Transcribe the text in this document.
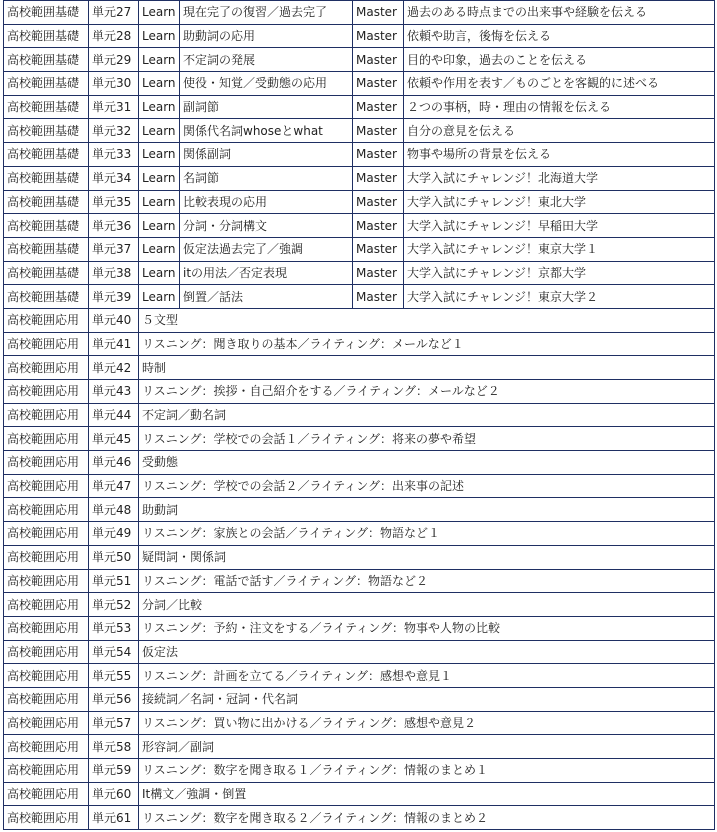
高校範囲基礎	単元27	Learn	現在完了の復習／過去完了	Master	過去のある時点までの出来事や経験を伝える
高校範囲基礎	単元28	Learn	助動詞の応用	Master	依頼や助言，後悔を伝える
高校範囲基礎	単元29	Learn	不定詞の発展	Master	目的や印象，過去のことを伝える
高校範囲基礎	単元30	Learn	使役・知覚／受動態の応用	Master	依頼や作用を表す／ものごとを客観的に述べる
高校範囲基礎	単元31	Learn	副詞節	Master	２つの事柄，時・理由の情報を伝える
高校範囲基礎	単元32	Learn	関係代名詞whoseとwhat	Master	自分の意見を伝える
高校範囲基礎	単元33	Learn	関係副詞	Master	物事や場所の背景を伝える
高校範囲基礎	単元34	Learn	名詞節	Master	大学入試にチャレンジ！北海道大学
高校範囲基礎	単元35	Learn	比較表現の応用	Master	大学入試にチャレンジ！東北大学
高校範囲基礎	単元36	Learn	分詞・分詞構文	Master	大学入試にチャレンジ！早稲田大学
高校範囲基礎	単元37	Learn	仮定法過去完了／強調	Master	大学入試にチャレンジ！東京大学１
高校範囲基礎	単元38	Learn	itの用法／否定表現	Master	大学入試にチャレンジ！京都大学
高校範囲基礎	単元39	Learn	倒置／話法	Master	大学入試にチャレンジ！東京大学２
高校範囲応用	単元40	５文型			
高校範囲応用	単元41	リスニング：聞き取りの基本／ライティング：メールなど１			
高校範囲応用	単元42	時制			
高校範囲応用	単元43	リスニング：挨拶・自己紹介をする／ライティング：メールなど２			
高校範囲応用	単元44	不定詞／動名詞			
高校範囲応用	単元45	リスニング：学校での会話１／ライティング：将来の夢や希望			
高校範囲応用	単元46	受動態			
高校範囲応用	単元47	リスニング：学校での会話２／ライティング：出来事の記述			
高校範囲応用	単元48	助動詞			
高校範囲応用	単元49	リスニング：家族との会話／ライティング：物語など１			
高校範囲応用	単元50	疑問詞・関係詞			
高校範囲応用	単元51	リスニング：電話で話す／ライティング：物語など２			
高校範囲応用	単元52	分詞／比較			
高校範囲応用	単元53	リスニング：予約・注文をする／ライティング：物事や人物の比較			
高校範囲応用	単元54	仮定法			
高校範囲応用	単元55	リスニング：計画を立てる／ライティング：感想や意見１			
高校範囲応用	単元56	接続詞／名詞・冠詞・代名詞			
高校範囲応用	単元57	リスニング：買い物に出かける／ライティング：感想や意見２			
高校範囲応用	単元58	形容詞／副詞			
高校範囲応用	単元59	リスニング：数字を聞き取る１／ライティング：情報のまとめ１			
高校範囲応用	単元60	It構文／強調・倒置			
高校範囲応用	単元61	リスニング：数字を聞き取る２／ライティング：情報のまとめ２			
